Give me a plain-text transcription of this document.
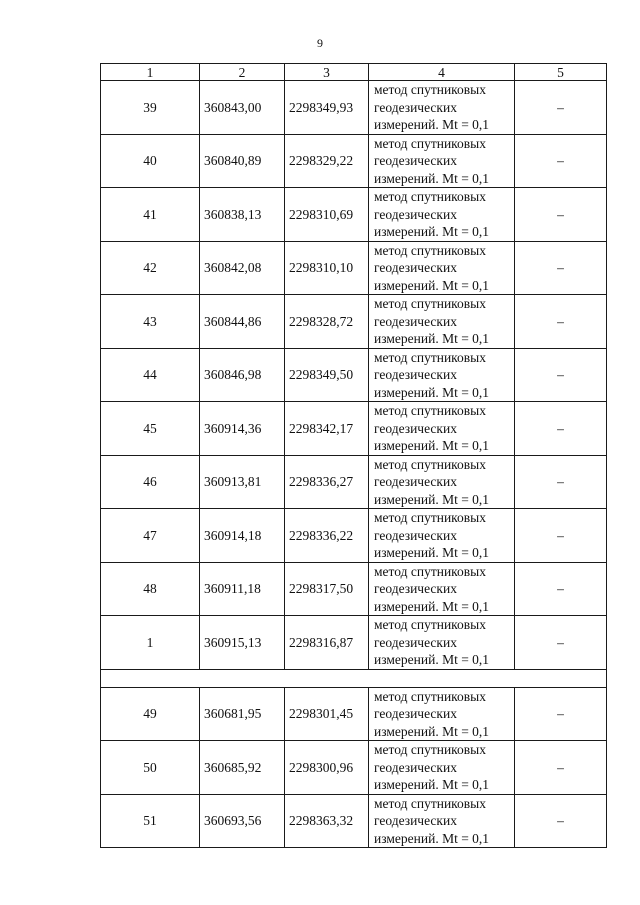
9
1	2	3	4	5
39	360843,00	2298349,93	метод спутниковых
геодезических
измерений. Mt = 0,1	–
40	360840,89	2298329,22	метод спутниковых
геодезических
измерений. Mt = 0,1	–
41	360838,13	2298310,69	метод спутниковых
геодезических
измерений. Mt = 0,1	–
42	360842,08	2298310,10	метод спутниковых
геодезических
измерений. Mt = 0,1	–
43	360844,86	2298328,72	метод спутниковых
геодезических
измерений. Mt = 0,1	–
44	360846,98	2298349,50	метод спутниковых
геодезических
измерений. Mt = 0,1	–
45	360914,36	2298342,17	метод спутниковых
геодезических
измерений. Mt = 0,1	–
46	360913,81	2298336,27	метод спутниковых
геодезических
измерений. Mt = 0,1	–
47	360914,18	2298336,22	метод спутниковых
геодезических
измерений. Mt = 0,1	–
48	360911,18	2298317,50	метод спутниковых
геодезических
измерений. Mt = 0,1	–
1	360915,13	2298316,87	метод спутниковых
геодезических
измерений. Mt = 0,1	–

49	360681,95	2298301,45	метод спутниковых
геодезических
измерений. Mt = 0,1	–
50	360685,92	2298300,96	метод спутниковых
геодезических
измерений. Mt = 0,1	–
51	360693,56	2298363,32	метод спутниковых
геодезических
измерений. Mt = 0,1	–
